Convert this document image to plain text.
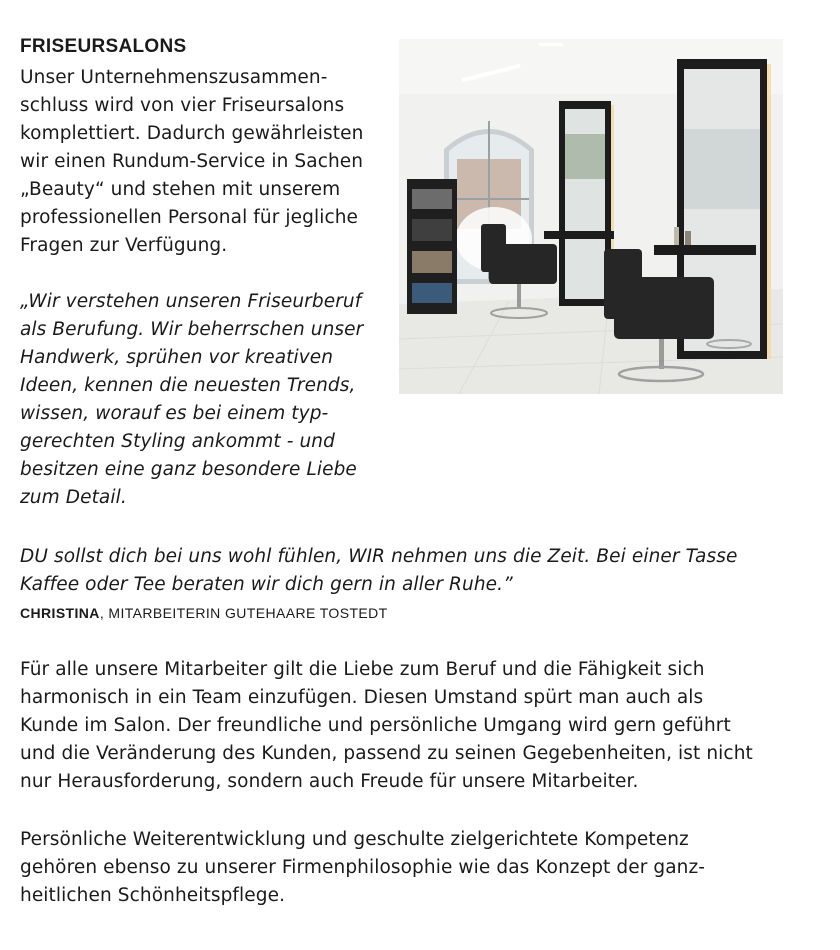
FRISEURSALONS
Unser Unternehmenszusammen-
schluss wird von vier Friseursalons
komplettiert. Dadurch gewährleisten
wir einen Rundum-Service in Sachen
„Beauty“ und stehen mit unserem
professionellen Personal für jegliche
Fragen zur Verfügung.
„Wir verstehen unseren Friseurberuf
als Berufung. Wir beherrschen unser
Handwerk, sprühen vor kreativen
Ideen, kennen die neuesten Trends,
wissen, worauf es bei einem typ-
gerechten Styling ankommt - und
besitzen eine ganz besondere Liebe
zum Detail.
DU sollst dich bei uns wohl fühlen, WIR nehmen uns die Zeit. Bei einer Tasse
Kaffee oder Tee beraten wir dich gern in aller Ruhe.”
CHRISTINA, MITARBEITERIN GUTEHAARE TOSTEDT
Für alle unsere Mitarbeiter gilt die Liebe zum Beruf und die Fähigkeit sich
harmonisch in ein Team einzufügen. Diesen Umstand spürt man auch als
Kunde im Salon. Der freundliche und persönliche Umgang wird gern geführt
und die Veränderung des Kunden, passend zu seinen Gegebenheiten, ist nicht
nur Herausforderung, sondern auch Freude für unsere Mitarbeiter.
Persönliche Weiterentwicklung und geschulte zielgerichtete Kompetenz
gehören ebenso zu unserer Firmenphilosophie wie das Konzept der ganz-
heitlichen Schönheitspflege.
